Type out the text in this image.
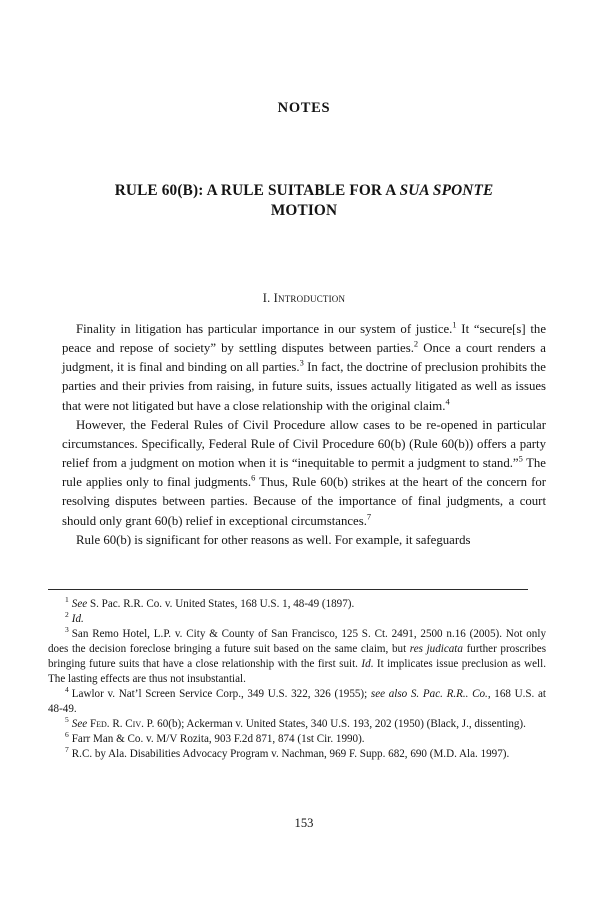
NOTES
RULE 60(B): A RULE SUITABLE FOR A SUA SPONTE
MOTION
I. Introduction

Finality in litigation has particular importance in our system of justice.$^1$ It “secure[s] the peace and repose of society” by settling disputes between parties.$^2$ Once a court renders a judgment, it is final and binding on all parties.$^3$ In fact, the doctrine of preclusion prohibits the parties and their privies from raising, in future suits, issues actually litigated as well as issues that were not litigated but have a close relationship with the original claim.$^4$

However, the Federal Rules of Civil Procedure allow cases to be re-opened in particular circumstances. Specifically, Federal Rule of Civil Procedure 60(b) (Rule 60(b)) offers a party relief from a judgment on motion when it is “inequitable to permit a judgment to stand.”$^5$ The rule applies only to final judgments.$^6$ Thus, Rule 60(b) strikes at the heart of the concern for resolving disputes between parties. Because of the importance of final judgments, a court should only grant 60(b) relief in exceptional circumstances.$^7$

Rule 60(b) is significant for other reasons as well. For example, it safeguards

$^1$ See S. Pac. R.R. Co. v. United States, 168 U.S. 1, 48-49 (1897).

$^2$ Id.

$^3$ San Remo Hotel, L.P. v. City & County of San Francisco, 125 S. Ct. 2491, 2500 n.16 (2005). Not only does the decision foreclose bringing a future suit based on the same claim, but res judicata further proscribes bringing future suits that have a close relationship with the first suit. Id. It implicates issue preclusion as well. The lasting effects are thus not insubstantial.

$^4$ Lawlor v. Nat’l Screen Service Corp., 349 U.S. 322, 326 (1955); see also S. Pac. R.R.. Co., 168 U.S. at 48-49.

$^5$ See Fed. R. Civ. P. 60(b); Ackerman v. United States, 340 U.S. 193, 202 (1950) (Black, J., dissenting).

$^6$ Farr Man & Co. v. M/V Rozita, 903 F.2d 871, 874 (1st Cir. 1990).

$^7$ R.C. by Ala. Disabilities Advocacy Program v. Nachman, 969 F. Supp. 682, 690 (M.D. Ala. 1997).

153
